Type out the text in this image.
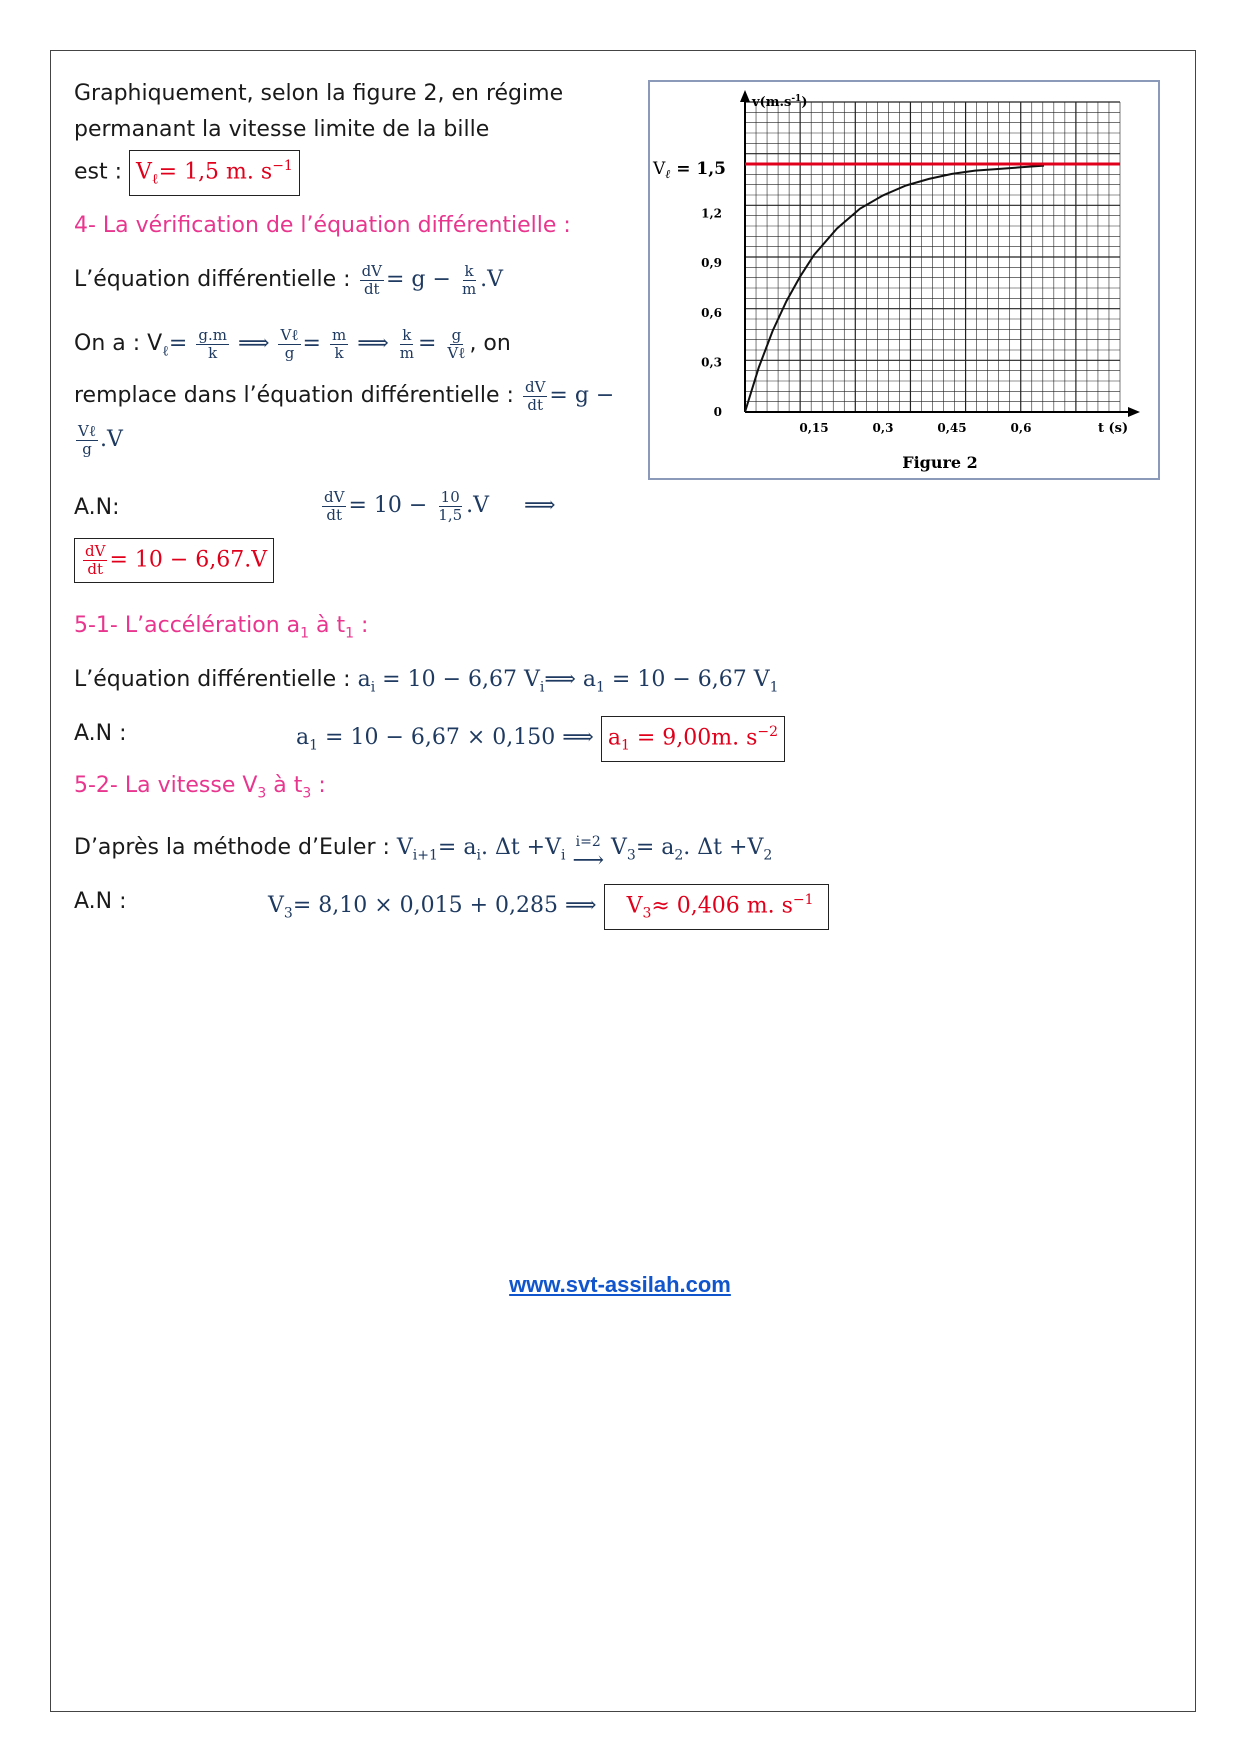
Graphiquement, selon la figure 2, en régime
permanant la vitesse limite de la bille
est : $V_\ell= 1,5$ m. $s^{-1}$
4- La vérification de l’équation différentielle :
L’équation différentielle : $\frac{dV}{dt} = g - \frac{k}{m} .V$
On a : $V_\ell= \frac{g.m}{k}$ ⟹ $\frac{\text{Vℓ}}{g} = \frac{m}{k}$ ⟹ $\frac{k}{m} = \frac{g}{\text{Vℓ}}$ , on
remplace dans l’équation différentielle : $\frac{dV}{dt} = g$ −
$\frac{\text{Vℓ}}{g} .V$
A.N:	$\frac{dV}{dt} = 10 - \frac{10}{1,5} .V$ ⟹
$\frac{dV}{dt} = 10 - 6,67.V$
5-1- L’accélération $a_1$ à $t_1$ :
L’équation différentielle : $a_i = 10 - 6,67$ $V_i⟹$ $a_1 = 10 - 6,67$ $V_1$
A.N :	$a_1 = 10 - 6,67 \times 0,150$ ⟹ $a_1 = 9,00m$. $s^{-2}$
5-2- La vitesse $V_3$ à $t_3$ :
D’après la méthode d’Euler : $V_{i+1}= a_i$. $\Delta t +V_i$
i=2
⟶
$V_3= a_2$. $\Delta t +V_2$
A.N :	$V_3= 8,10 \times 0,015 + 0,285$ ⟹ $V_3\approx 0,406$ m. $s^{-1}$
0,15	0,3	0,45	0,6
0
0,3
0,6
0,9
1,2
$v(m.s^{-1})$
t (s)
$V_\ell = 1,5$
Figure 2
www.svt-assilah.com
